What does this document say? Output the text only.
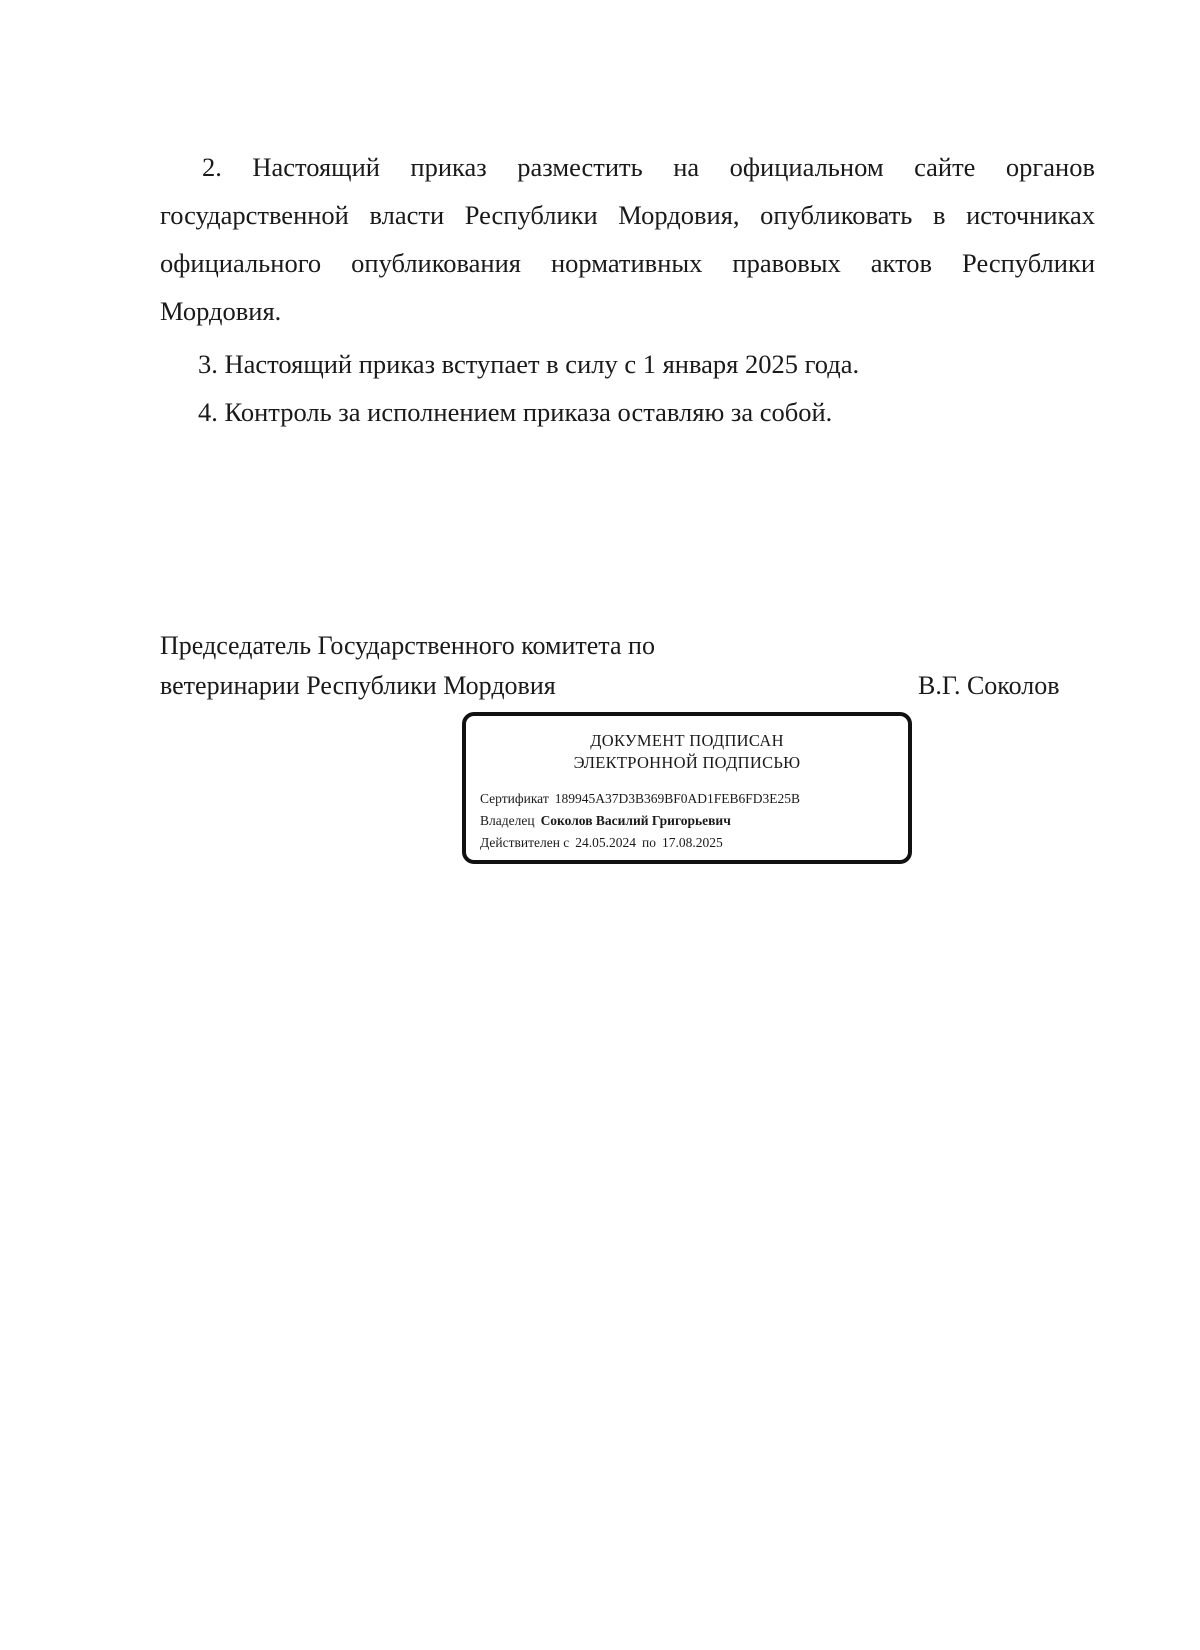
2. Настоящий приказ разместить на официальном сайте органов государственной власти Республики Мордовия, опубликовать в источниках официального опубликования нормативных правовых актов Республики Мордовия.

3. Настоящий приказ вступает в силу с 1 января 2025 года.

4. Контроль за исполнением приказа оставляю за собой.

Председатель Государственного комитета по

ветеринарии Республики Мордовия	В.Г. Соколов

ДОКУМЕНТ ПОДПИСАН
ЭЛЕКТРОННОЙ ПОДПИСЬЮ
Сертификат 189945A37D3B369BF0AD1FEB6FD3E25B
Владелец Соколов Василий Григорьевич
Действителен с 24.05.2024 по 17.08.2025
